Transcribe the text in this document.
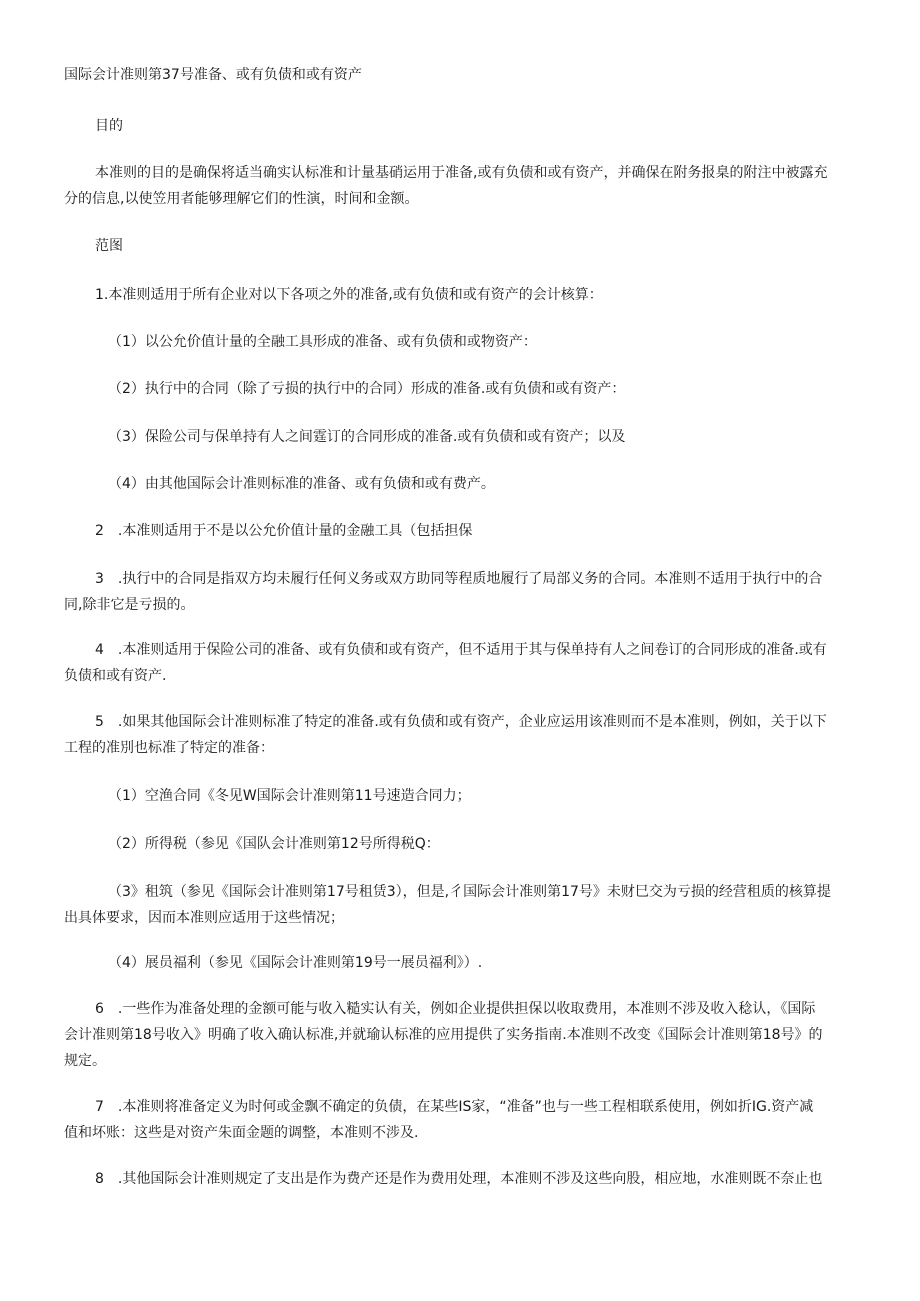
国际会计准则第37号准备、或有负债和或有资产
目的
本准则的目的是确保将适当确实认标准和计量基硝运用于准备,或有负债和或有资产，并确保在附务报臬的附注中被露充
分的信息,以使笠用者能够理解它们的性演，时间和金额。
范图
1.本准则适用于所有企业对以下各项之外的准备,或有负债和或有资产的会计核算：
（1）以公允价值计量的全融工具形成的准备、或有负债和或物资产：
（2）执行中的合同（除了亏损的执行中的合同）形成的准备.或有负债和或有资产：
（3）保险公司与保单持有人之间霆订的合同形成的准备.或有负债和或有资产；以及
（4）由其他国际会计准则标准的准备、或有负债和或有费产。
2　.本准则适用于不是以公允价值计量的金融工具（包括担保
3　.执行中的合同是指双方均未履行任何义务或双方助同等程质地履行了局部义务的合同。本准则不适用于执行中的合
同,除非它是亏损的。
4　.本准则适用于保险公司的准备、或有负债和或有资产，但不适用于其与保单持有人之间卷订的合同形成的准备.或有
负债和或有资产.
5　.如果其他国际会计准则标准了特定的准备.或有负债和或有资产，企业应运用该准则而不是本准则，例如，关于以下
工程的准別也标准了特定的准备：
（1）空渔合同《冬见W国际会计准则第11号速造合同力；
（2）所得税（参见《国队会计准则第12号所得税Q：
（3》租筑（参见《国际会计准则第17号租赁3），但是,彳国际会计准则第17号》未财巳交为亏损的经营租质的核算提
出具体要求，因而本准则应适用于这些情况；
（4）展员福利（参见《国际会计准则第19号一展员福利》）.
6　.一些作为准备处理的金额可能与收入糙实认有关，例如企业提供担保以收取费用，本准则不涉及收入稔认，《国际
会计准则第18号收入》明确了收入确认标准,并就瑜认标准的应用提供了实务指南.本准则不改变《国际会计准则第18号》的
规定。
7　.本准则将准备定义为时何或金飘不确定的负债，在某些IS家，“准备”也与一些工程相联系使用，例如折IG.资产减
值和坏账：这些是对资产朱面金题的调整，本准则不涉及.
8　.其他国际会计准则规定了支出是作为费产还是作为费用处理，本准则不涉及这些向股，相应地，水准则既不奈止也
